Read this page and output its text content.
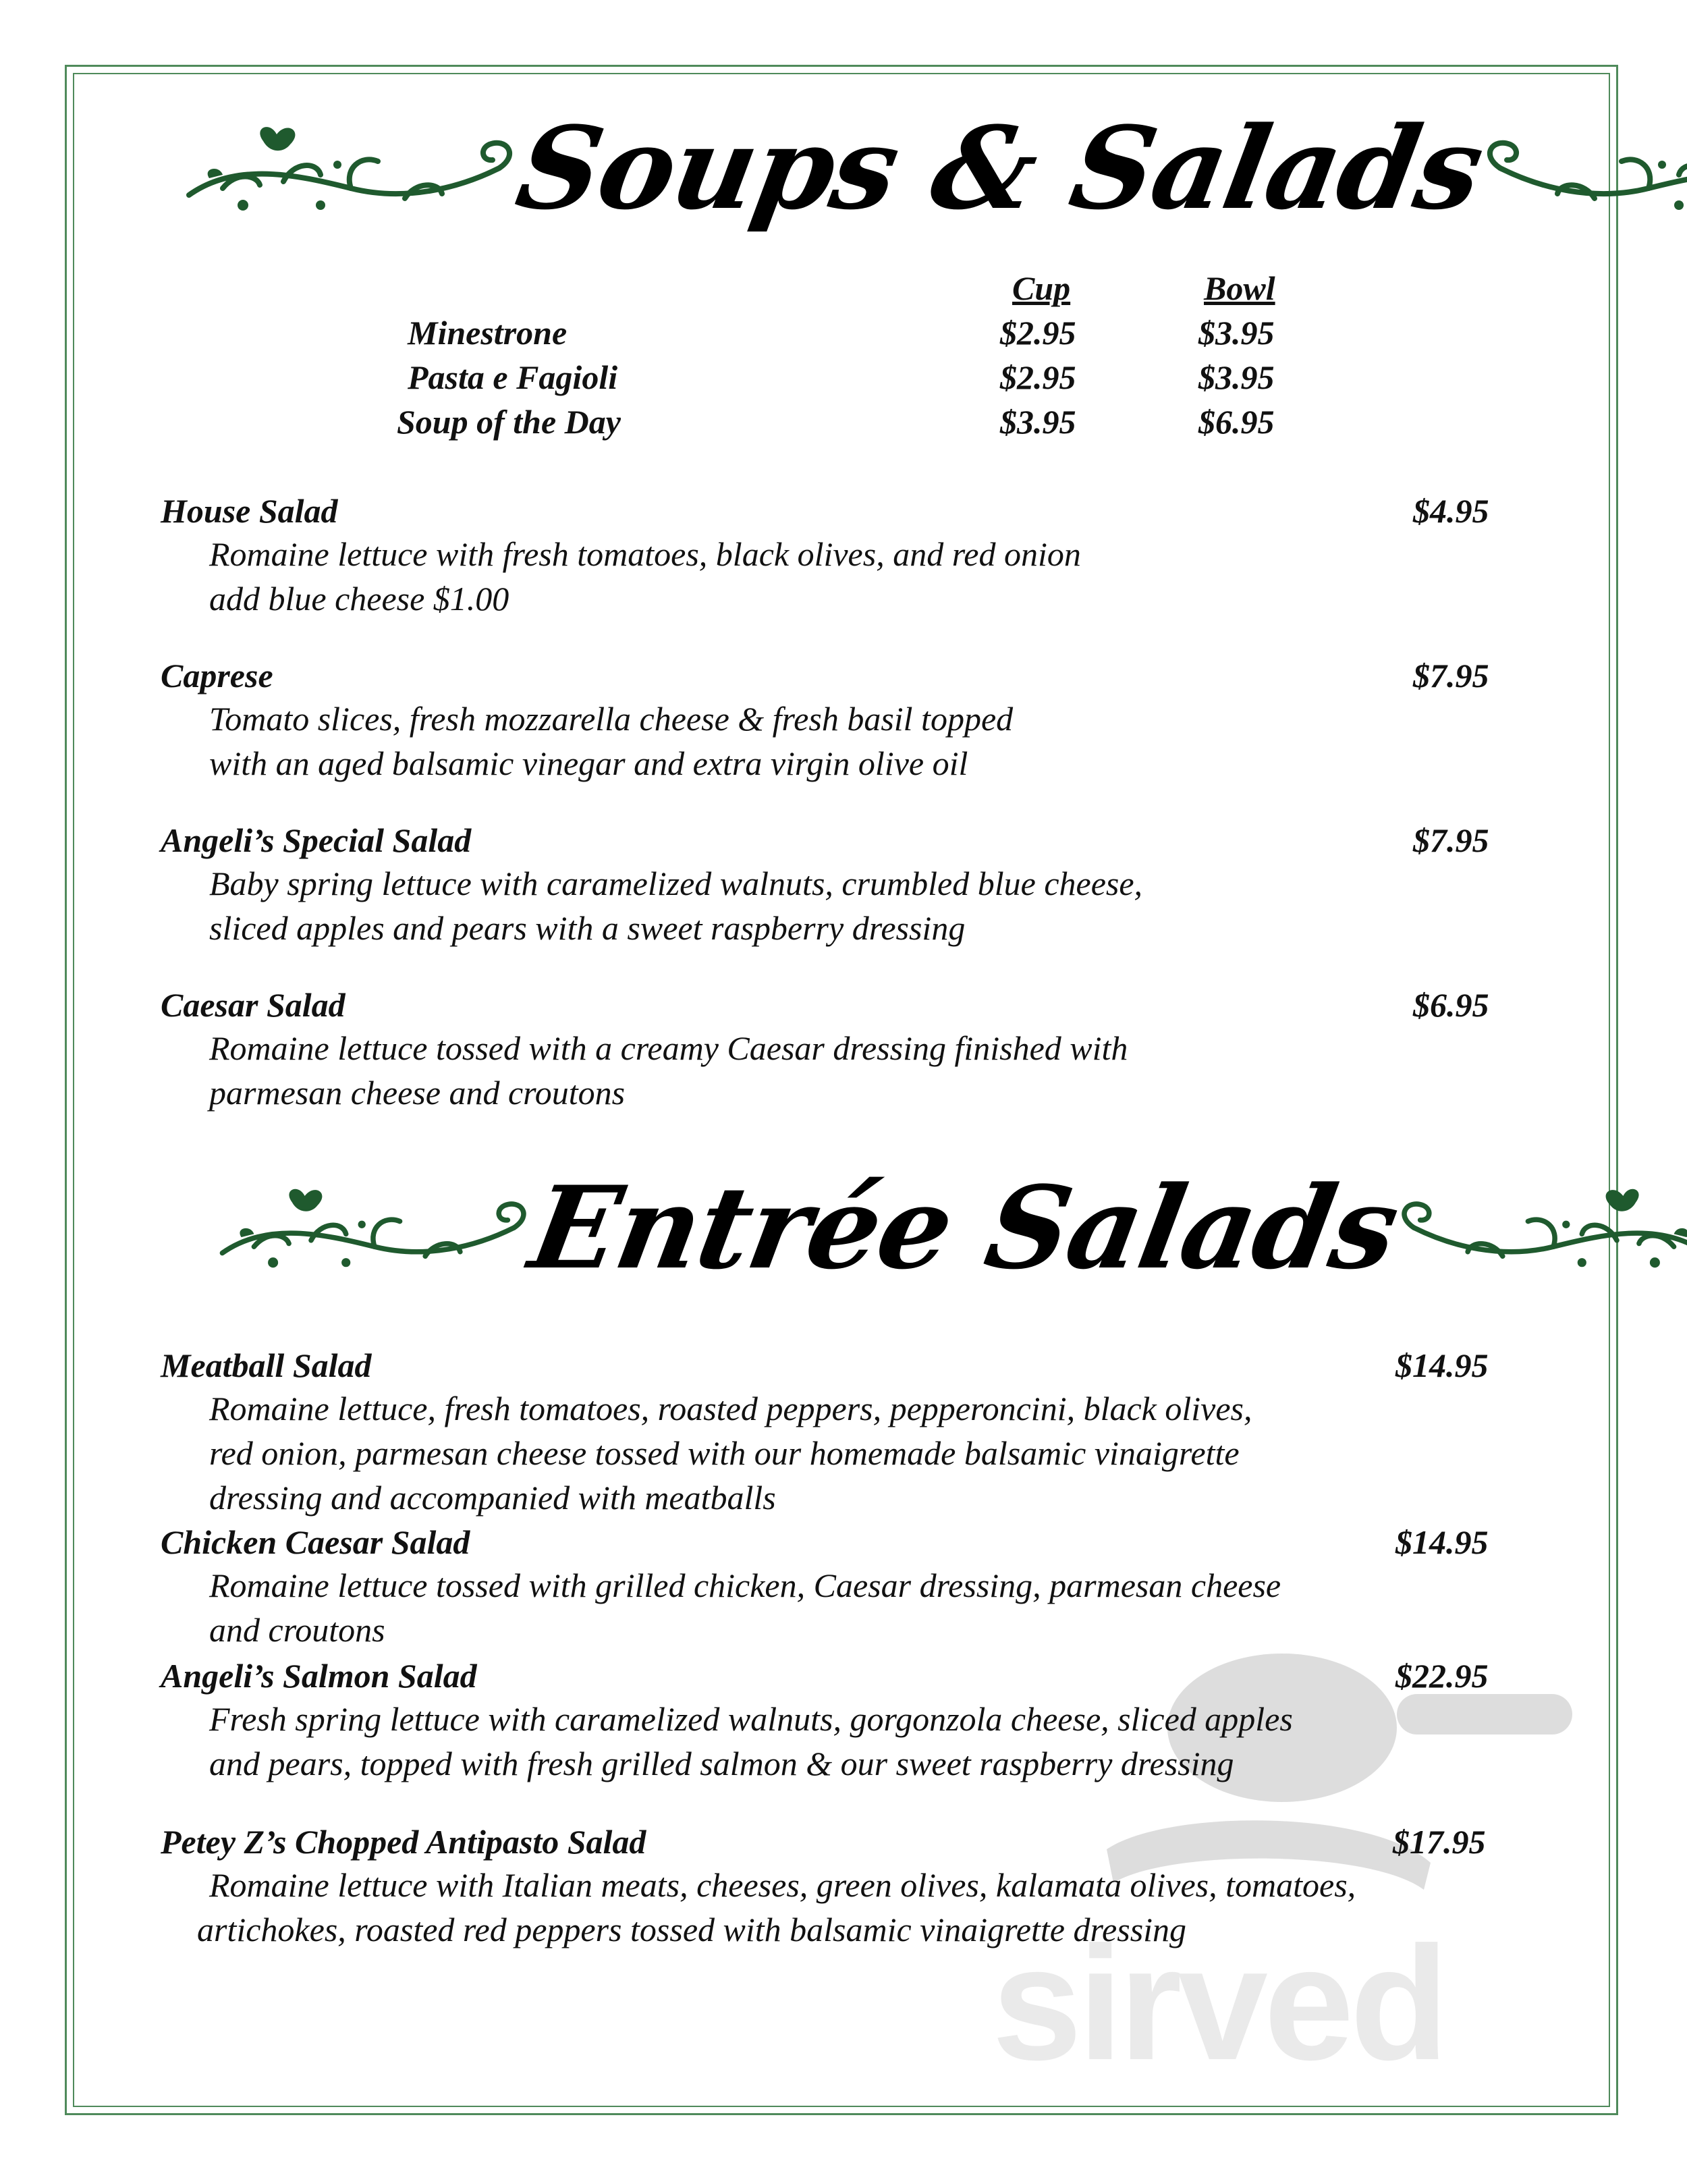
Soups & Salads
Cup	Bowl
Minestrone	$2.95	$3.95
Pasta e Fagioli	$2.95	$3.95
Soup of the Day	$3.95	$6.95
House Salad	$4.95
Romaine lettuce with fresh tomatoes, black olives, and red onion
add blue cheese $1.00
Caprese	$7.95
Tomato slices, fresh mozzarella cheese & fresh basil topped
with an aged balsamic vinegar and extra virgin olive oil
Angeli’s Special Salad	$7.95
Baby spring lettuce with caramelized walnuts, crumbled blue cheese,
sliced apples and pears with a sweet raspberry dressing
Caesar Salad	$6.95
Romaine lettuce tossed with a creamy Caesar dressing finished with
parmesan cheese and croutons
Entrée Salads
sirved
Meatball Salad	$14.95
Romaine lettuce, fresh tomatoes, roasted peppers, pepperoncini, black olives,
red onion, parmesan cheese tossed with our homemade balsamic vinaigrette
dressing and accompanied with meatballs
Chicken Caesar Salad	$14.95
Romaine lettuce tossed with grilled chicken, Caesar dressing, parmesan cheese
and croutons
Angeli’s Salmon Salad	$22.95
Fresh spring lettuce with caramelized walnuts, gorgonzola cheese, sliced apples
and pears, topped with fresh grilled salmon & our sweet raspberry dressing
Petey Z’s Chopped Antipasto Salad	$17.95
Romaine lettuce with Italian meats, cheeses, green olives, kalamata olives, tomatoes,
artichokes, roasted red peppers tossed with balsamic vinaigrette dressing
